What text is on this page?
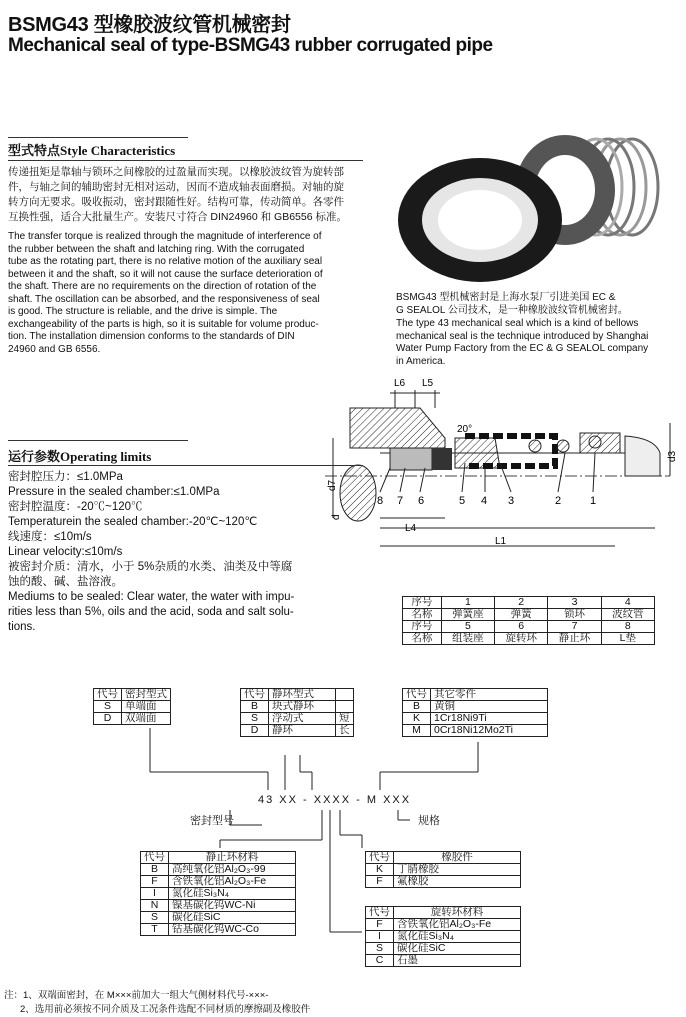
BSMG43 型橡胶波纹管机械密封
Mechanical seal of type-BSMG43 rubber corrugated pipe
型式特点Style Characteristics
传递扭矩是靠轴与锁环之间橡胶的过盈量而实现。以橡胶波纹管为旋转部
件，与轴之间的辅助密封无相对运动，因而不造成轴表面磨损。对轴的旋
转方向无要求。吸收振动，密封跟随性好。结构可靠，传动简单。各零件
互换性强，适合大批量生产。安装尺寸符合 DIN24960 和 GB6556 标准。
The transfer torque is realized through the magnitude of interference of
the rubber between the shaft and latching ring. With the corrugated
tube as the rotating part, there is no relative motion of the auxiliary seal
between it and the shaft, so it will not cause the surface deterioration of
the shaft. There are no requirements on the direction of rotation of the
shaft. The oscillation can be absorbed, and the responsiveness of seal
is good. The structure is reliable, and the drive is simple. The
exchangeability of the parts is high, so it is suitable for volume produc-
tion. The installation dimension conforms to the standards of DIN
24960 and GB 6556.
BSMG43 型机械密封是上海水泵厂引进美国 EC &
G SEALOL 公司技术，是一种橡胶波纹管机械密封。
The type 43 mechanical seal which is a kind of bellows
mechanical seal is the technique introduced by Shanghai
Water Pump Factory from the EC & G SEALOL company
in America.
L6 L5
20°
L4
L1
d7
d
d3
8 7 6	5 4 3	2	1
运行参数Operating limits
密封腔压力：≤1.0MPa
Pressure in the sealed chamber:≤1.0MPa
密封腔温度：-20℃~120℃
Temperaturein the sealed chamber:-20℃~120℃
线速度：≤10m/s
Linear velocity:≤10m/s
被密封介质：清水，小于 5%杂质的水类、油类及中等腐
蚀的酸、碱、盐溶液。
Mediums to be sealed: Clear water, the water with impu-
rities less than 5%, oils and the acid, soda and salt solu-
tions.
序号	1	2	3	4
名称	弹簧座	弹簧	锁环	波纹管
序号	5	6	7	8
名称	组装座	旋转环	静止环	L垫
代号	密封型式
S	单端面
D	双端面
代号	静环型式	
B	块式静环	
S	浮动式	短
D	静环	长
代号	其它零件
B	黄铜
K	1Cr18Ni9Ti
M	0Cr18Ni12Mo2Ti
43 XX - XXXX - M XXX
密封型号	规格
代号	静止环材料
B	高纯氧化铝Al₂O₃-99
F	含铁氧化铝Al₂O₃-Fe
I	氮化硅Si₃N₄
N	镍基碳化钨WC-Ni
S	碳化硅SiC
T	钴基碳化钨WC-Co
代号	橡胶件
K	丁腈橡胶
F	氟橡胶
代号	旋转环材料
F	含铁氧化铝Al₂O₃-Fe
I	氮化硅Si₃N₄
S	碳化硅SiC
C	石墨
注：1、双端面密封，在 M×××前加大一组大气侧材料代号-×××-
2、选用前必须按不同介质及工况条件选配不同材质的摩擦副及橡胶件
